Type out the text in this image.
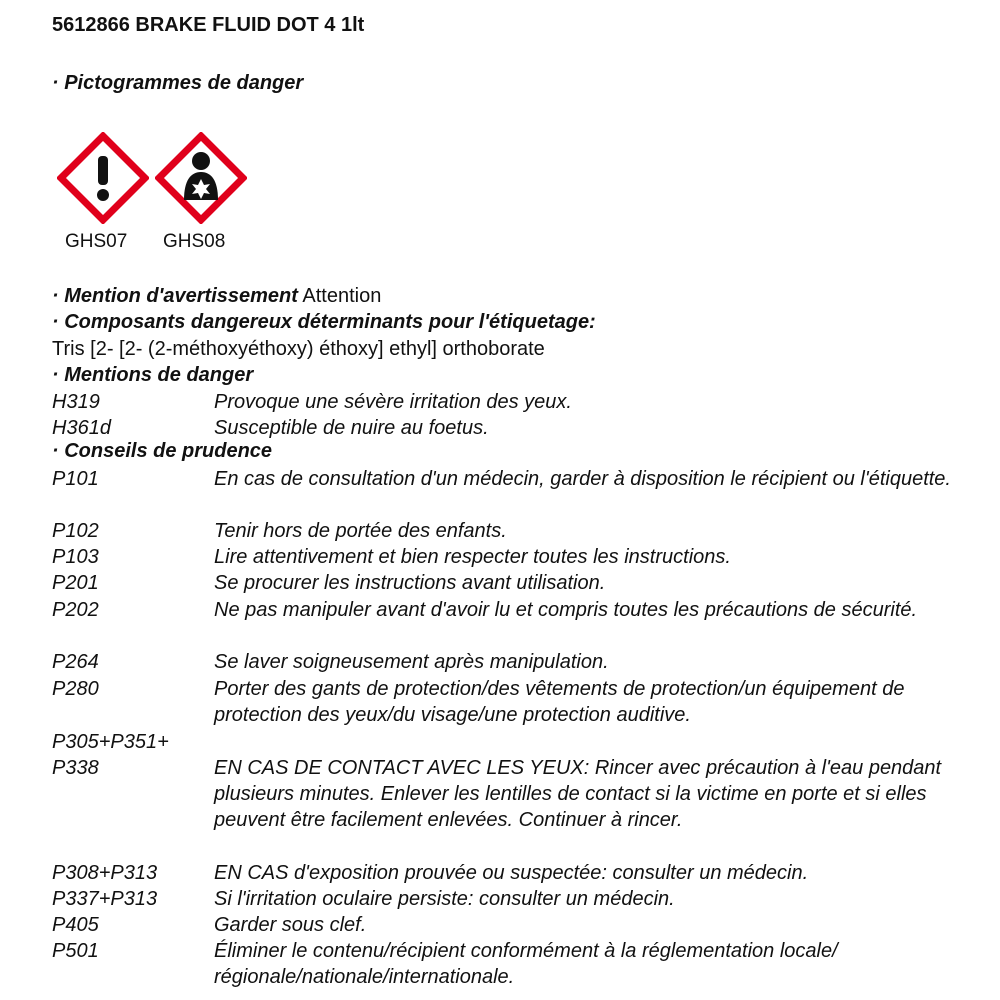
5612866 BRAKE FLUID DOT 4 1lt
· Pictogrammes de danger
GHS07 GHS08
· Mention d'avertissement Attention
· Composants dangereux déterminants pour l'étiquetage:
Tris [2- [2- (2-méthoxyéthoxy) éthoxy] ethyl] orthoborate
· Mentions de danger
H319	Provoque une sévère irritation des yeux.
H361d	Susceptible de nuire au foetus.
· Conseils de prudence
P101	En cas de consultation d'un médecin, garder à disposition le récipient ou l'étiquette.
P102	Tenir hors de portée des enfants.
P103	Lire attentivement et bien respecter toutes les instructions.
P201	Se procurer les instructions avant utilisation.
P202	Ne pas manipuler avant d'avoir lu et compris toutes les précautions de sécurité.
P264	Se laver soigneusement après manipulation.
P280	Porter des gants de protection/des vêtements de protection/un équipement de protection des yeux/du visage/une protection auditive.
P305+P351+ P338	EN CAS DE CONTACT AVEC LES YEUX: Rincer avec précaution à l'eau pendant plusieurs minutes. Enlever les lentilles de contact si la victime en porte et si elles peuvent être facilement enlevées. Continuer à rincer.
P308+P313	EN CAS d'exposition prouvée ou suspectée: consulter un médecin.
P337+P313	Si l'irritation oculaire persiste: consulter un médecin.
P405	Garder sous clef.
P501	Éliminer le contenu/récipient conformément à la réglementation locale/ régionale/nationale/internationale.
